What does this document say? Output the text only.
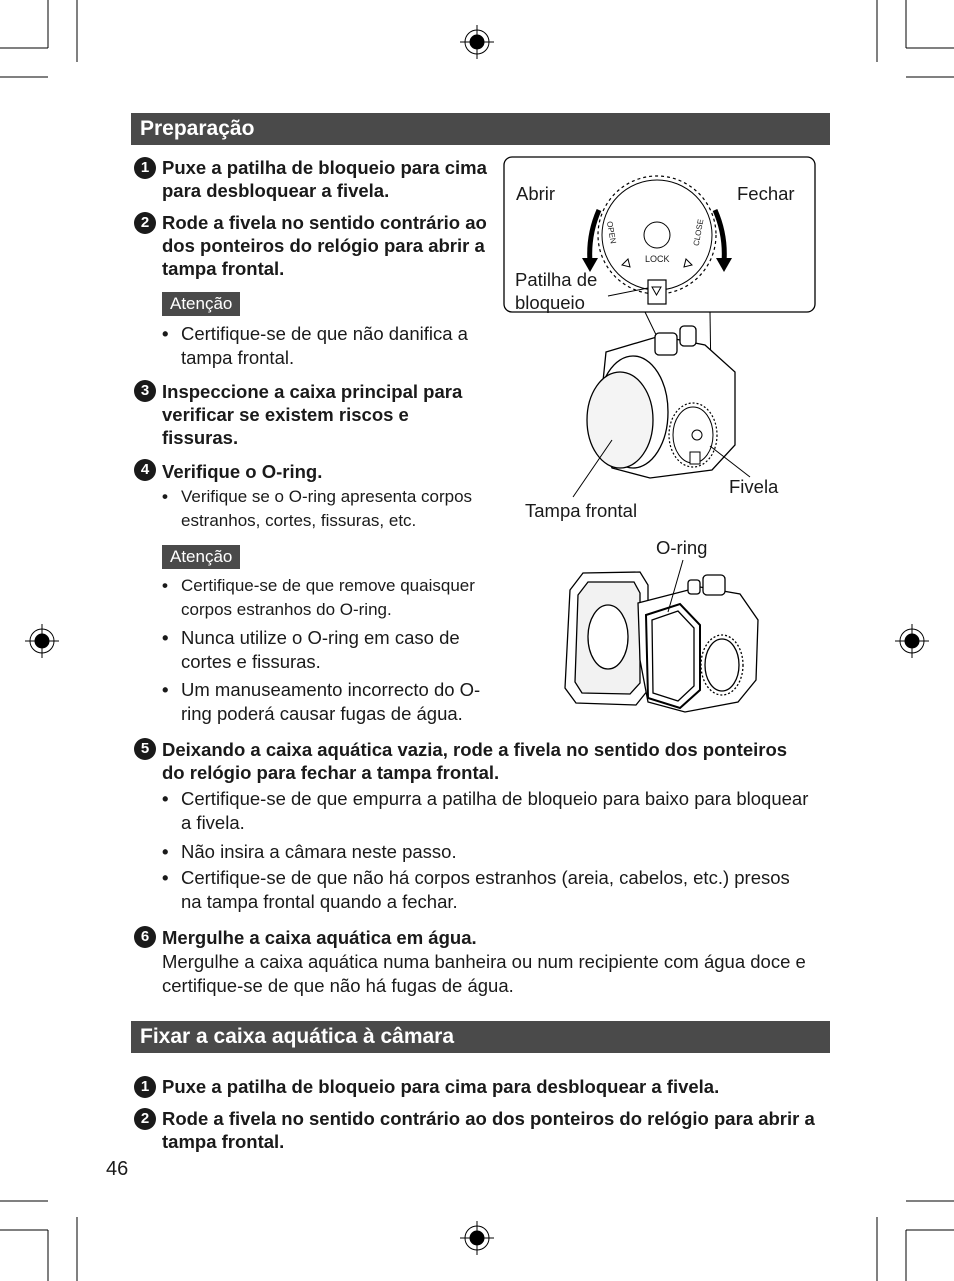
Preparação
1 Puxe a patilha de bloqueio para cima para desbloquear a fivela.
2 Rode a fivela no sentido contrário ao dos ponteiros do relógio para abrir a tampa frontal.
Atenção
• Certifique-se de que não danifica a tampa frontal.
3 Inspeccione a caixa principal para verificar se existem riscos e fissuras.
4 Verifique o O-ring.
• Verifique se o O-ring apresenta corpos estranhos, cortes, fissuras, etc.
Atenção
• Certifique-se de que remove quaisquer corpos estranhos do O-ring.
• Nunca utilize o O-ring em caso de cortes e fissuras.
• Um manuseamento incorrecto do O-ring poderá causar fugas de água.
5 Deixando a caixa aquática vazia, rode a fivela no sentido dos ponteiros do relógio para fechar a tampa frontal.
• Certifique-se de que empurra a patilha de bloqueio para baixo para bloquear a fivela.
• Não insira a câmara neste passo.
• Certifique-se de que não há corpos estranhos (areia, cabelos, etc.) presos na tampa frontal quando a fechar.
6 Mergulhe a caixa aquática em água.
Mergulhe a caixa aquática numa banheira ou num recipiente com água doce e certifique-se de que não há fugas de água.
Fixar a caixa aquática à câmara
1 Puxe a patilha de bloqueio para cima para desbloquear a fivela.
2 Rode a fivela no sentido contrário ao dos ponteiros do relógio para abrir a tampa frontal.
46
Abrir	Fechar
Patilha de bloqueio
OPEN	CLOSE
LOCK
Tampa frontal
Fivela
O-ring
